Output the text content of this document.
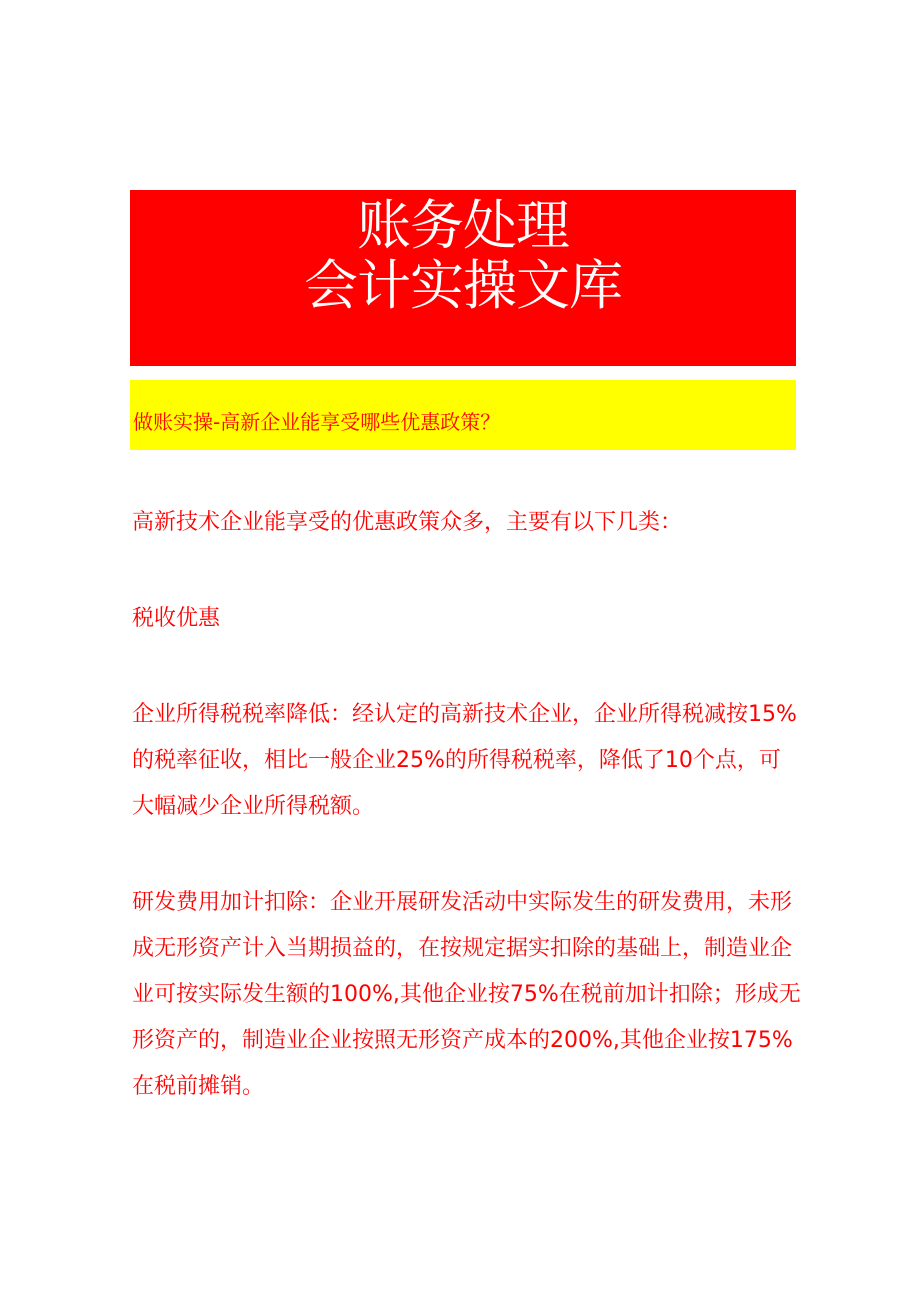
账务处理
会计实操文库
做账实操-高新企业能享受哪些优惠政策？

高新技术企业能享受的优惠政策众多，主要有以下几类：

税收优惠

企业所得税税率降低：经认定的高新技术企业，企业所得税减按15%的税率征收，相比一般企业25%的所得税税率，降低了10个点，可大幅减少企业所得税额。

研发费用加计扣除：企业开展研发活动中实际发生的研发费用，未形成无形资产计入当期损益的，在按规定据实扣除的基础上，制造业企业可按实际发生额的100%,其他企业按75%在税前加计扣除；形成无形资产的，制造业企业按照无形资产成本的200%,其他企业按175%在税前摊销。
